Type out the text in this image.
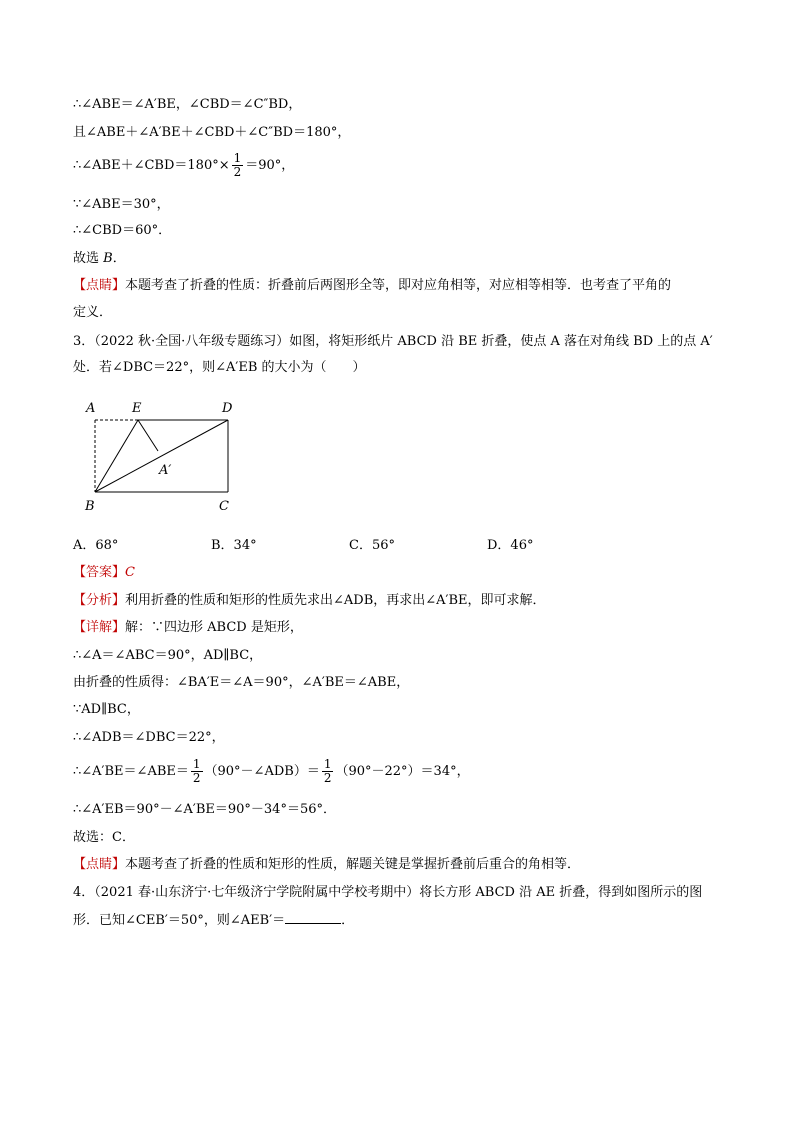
∴∠ABE＝∠A′BE，∠CBD＝∠C″BD，
且∠ABE＋∠A′BE＋∠CBD＋∠C″BD＝180°，
∴∠ABE＋∠CBD＝180°× $\frac{1}{2} =90^\circ$，
∵∠ABE＝30°，
∴∠CBD＝60°．
故选 B．
【点睛】本题考查了折叠的性质：折叠前后两图形全等，即对应角相等，对应相等相等．也考查了平角的
定义．
3．（2022 秋·全国·八年级专题练习）如图，将矩形纸片 ABCD 沿 BE 折叠，使点 A 落在对角线 BD 上的点 A′
处．若∠DBC＝22°，则∠A′EB 的大小为（　　）
A	E	D
A′
B	C
A．68°	B．34°	C．56°	D．46°
【答案】C
【分析】利用折叠的性质和矩形的性质先求出∠ADB，再求出∠A′BE，即可求解．
【详解】解：∵四边形 ABCD 是矩形，
∴∠A＝∠ABC＝90°，AD∥BC，
由折叠的性质得：∠BA′E＝∠A＝90°，∠A′BE＝∠ABE，
∵AD∥BC，
∴∠ADB＝∠DBC＝22°，
∴∠A′BE＝∠ABE＝ $\frac{1}{2}$ （90°－∠ADB）＝ $\frac{1}{2} (90^\circ-22^\circ)=34^\circ$，
∴∠A′EB＝90°－∠A′BE＝90°－34°＝56°．
故选：C．
【点睛】本题考查了折叠的性质和矩形的性质，解题关键是掌握折叠前后重合的角相等．
4．（2021 春·山东济宁·七年级济宁学院附属中学校考期中）将长方形 ABCD 沿 AE 折叠，得到如图所示的图
形．已知∠CEB′＝50°，则∠AEB′＝	．
